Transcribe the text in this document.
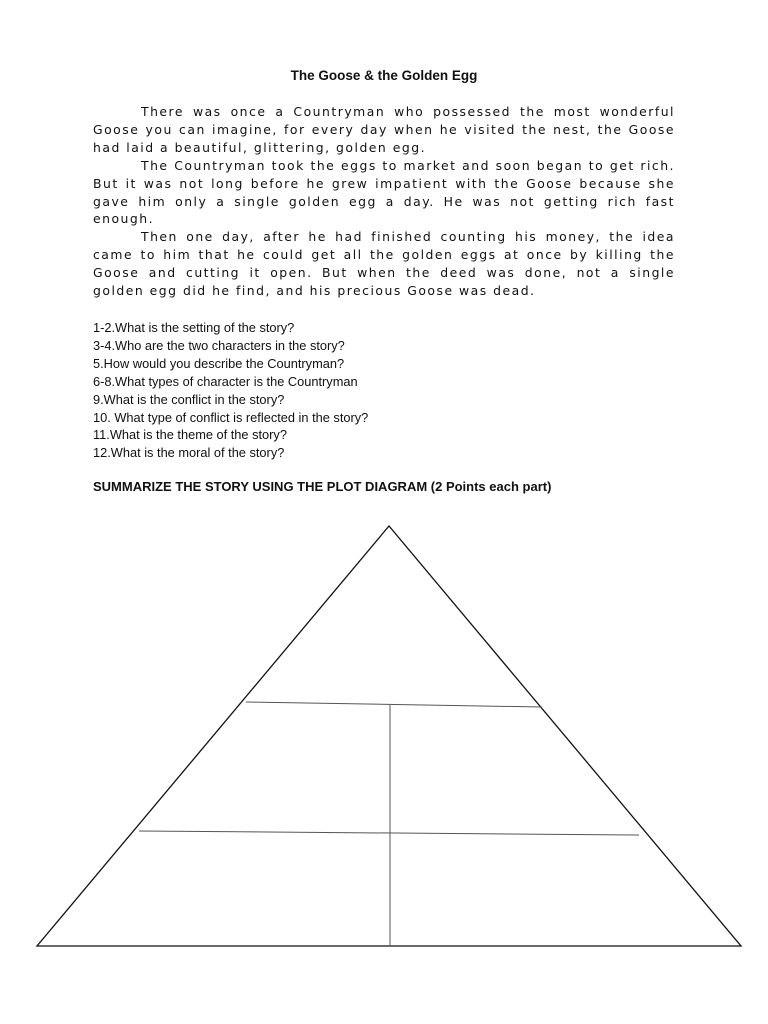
The Goose & the Golden Egg

There was once a Countryman who possessed the most wonderful Goose you can imagine, for every day when he visited the nest, the Goose had laid a beautiful, glittering, golden egg.

The Countryman took the eggs to market and soon began to get rich. But it was not long before he grew impatient with the Goose because she gave him only a single golden egg a day. He was not getting rich fast enough.

Then one day, after he had finished counting his money, the idea came to him that he could get all the golden eggs at once by killing the Goose and cutting it open. But when the deed was done, not a single golden egg did he find, and his precious Goose was dead.

1-2.What is the setting of the story?
3-4.Who are the two characters in the story?
5.How would you describe the Countryman?
6-8.What types of character is the Countryman
9.What is the conflict in the story?
10. What type of conflict is reflected in the story?
11.What is the theme of the story?
12.What is the moral of the story?
SUMMARIZE THE STORY USING THE PLOT DIAGRAM (2 Points each part)
